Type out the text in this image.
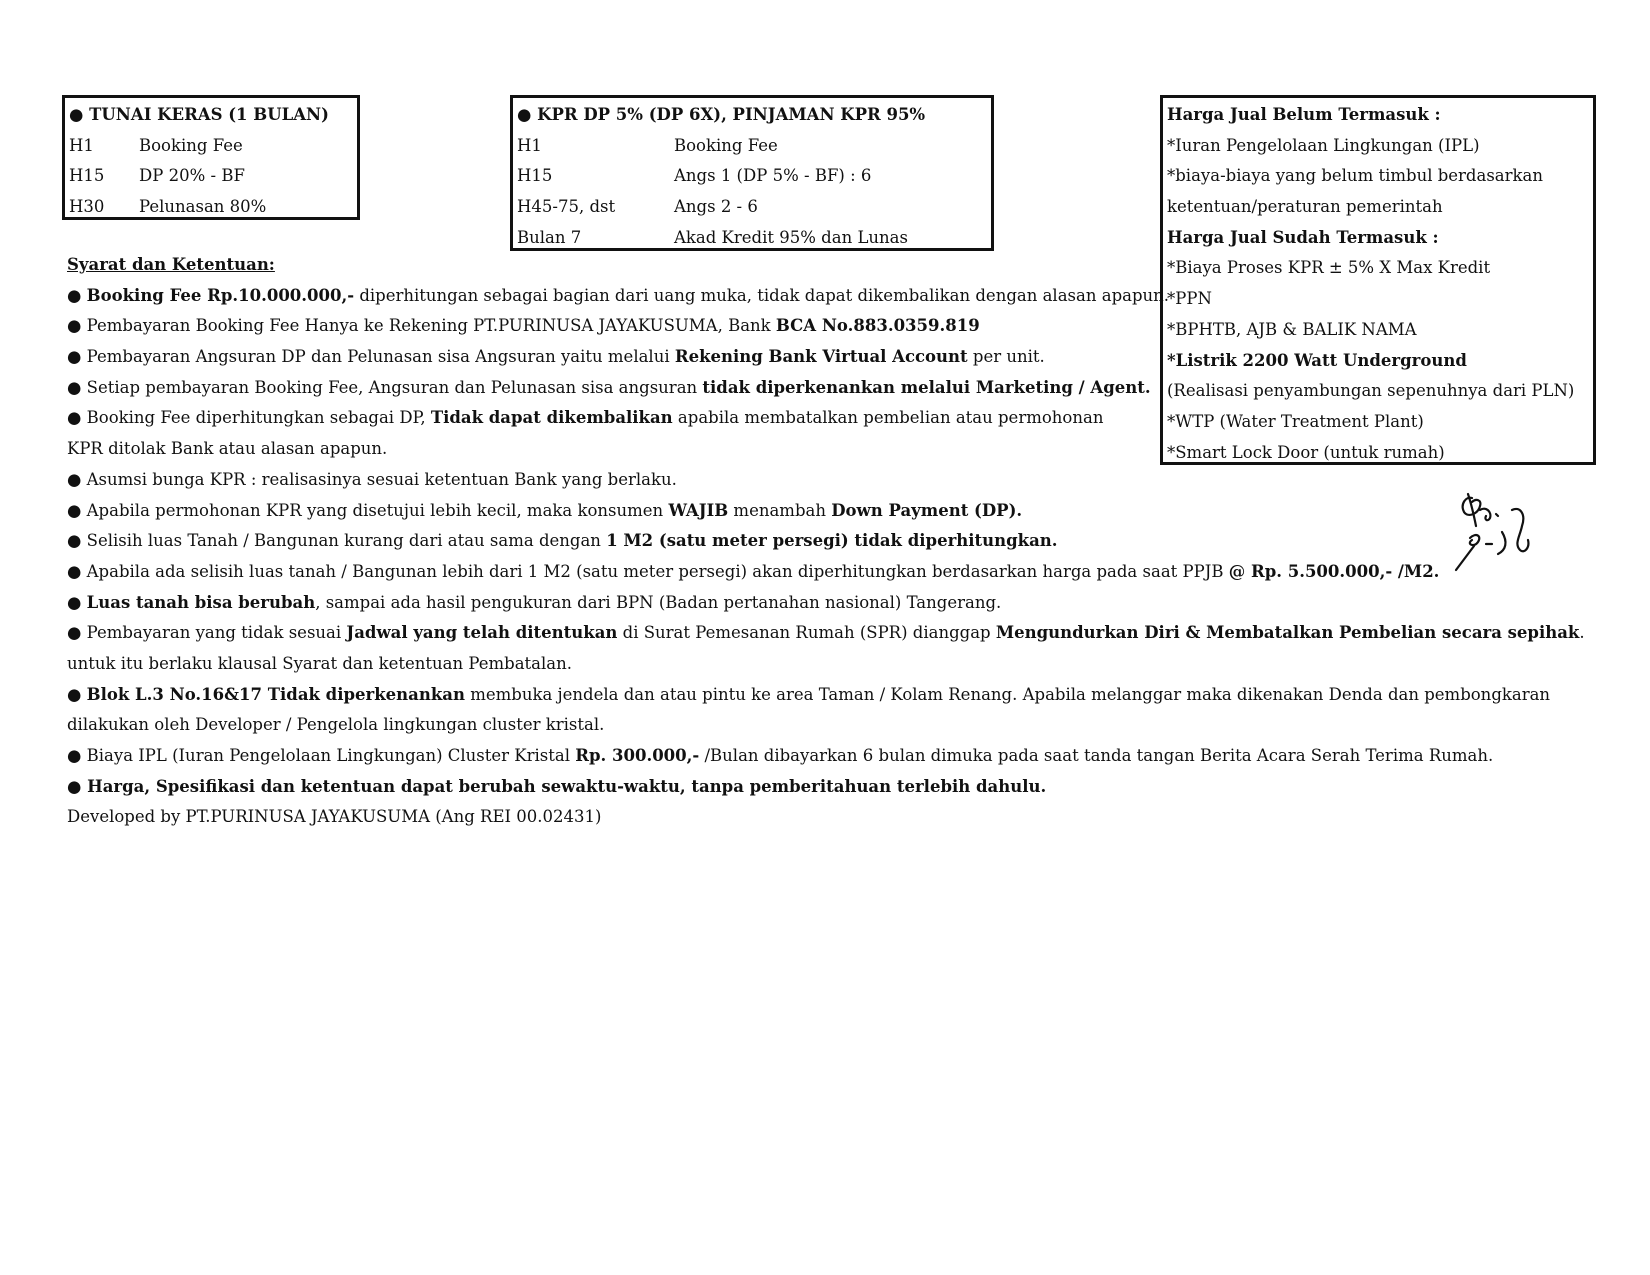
● TUNAI KERAS (1 BULAN)
H1	Booking Fee
H15 DP 20% - BF
H30 Pelunasan 80%
● KPR DP 5% (DP 6X), PINJAMAN KPR 95%
H1	Booking Fee
H15	Angs 1 (DP 5% - BF) : 6
H45-75, dst	Angs 2 - 6
Bulan 7	Akad Kredit 95% dan Lunas
Harga Jual Belum Termasuk :
*Iuran Pengelolaan Lingkungan (IPL)
*biaya-biaya yang belum timbul berdasarkan
ketentuan/peraturan pemerintah
Harga Jual Sudah Termasuk :
*Biaya Proses KPR ± 5% X Max Kredit
*PPN
*BPHTB, AJB & BALIK NAMA
*Listrik 2200 Watt Underground
(Realisasi penyambungan sepenuhnya dari PLN)
*WTP (Water Treatment Plant)
*Smart Lock Door (untuk rumah)
Syarat dan Ketentuan:
● Booking Fee Rp.10.000.000,- diperhitungan sebagai bagian dari uang muka, tidak dapat dikembalikan dengan alasan apapun.
● Pembayaran Booking Fee Hanya ke Rekening PT.PURINUSA JAYAKUSUMA, Bank BCA No.883.0359.819
● Pembayaran Angsuran DP dan Pelunasan sisa Angsuran yaitu melalui Rekening Bank Virtual Account per unit.
● Setiap pembayaran Booking Fee, Angsuran dan Pelunasan sisa angsuran tidak diperkenankan melalui Marketing / Agent.
● Booking Fee diperhitungkan sebagai DP, Tidak dapat dikembalikan apabila membatalkan pembelian atau permohonan
KPR ditolak Bank atau alasan apapun.
● Asumsi bunga KPR : realisasinya sesuai ketentuan Bank yang berlaku.
● Apabila permohonan KPR yang disetujui lebih kecil, maka konsumen WAJIB menambah Down Payment (DP).
● Selisih luas Tanah / Bangunan kurang dari atau sama dengan 1 M2 (satu meter persegi) tidak diperhitungkan.
● Apabila ada selisih luas tanah / Bangunan lebih dari 1 M2 (satu meter persegi) akan diperhitungkan berdasarkan harga pada saat PPJB @ Rp. 5.500.000,- /M2.
● Luas tanah bisa berubah, sampai ada hasil pengukuran dari BPN (Badan pertanahan nasional) Tangerang.
● Pembayaran yang tidak sesuai Jadwal yang telah ditentukan di Surat Pemesanan Rumah (SPR) dianggap Mengundurkan Diri & Membatalkan Pembelian secara sepihak.
untuk itu berlaku klausal Syarat dan ketentuan Pembatalan.
● Blok L.3 No.16&17 Tidak diperkenankan membuka jendela dan atau pintu ke area Taman / Kolam Renang. Apabila melanggar maka dikenakan Denda dan pembongkaran
dilakukan oleh Developer / Pengelola lingkungan cluster kristal.
● Biaya IPL (Iuran Pengelolaan Lingkungan) Cluster Kristal Rp. 300.000,- /Bulan dibayarkan 6 bulan dimuka pada saat tanda tangan Berita Acara Serah Terima Rumah.
● Harga, Spesifikasi dan ketentuan dapat berubah sewaktu-waktu, tanpa pemberitahuan terlebih dahulu.
Developed by PT.PURINUSA JAYAKUSUMA (Ang REI 00.02431)
